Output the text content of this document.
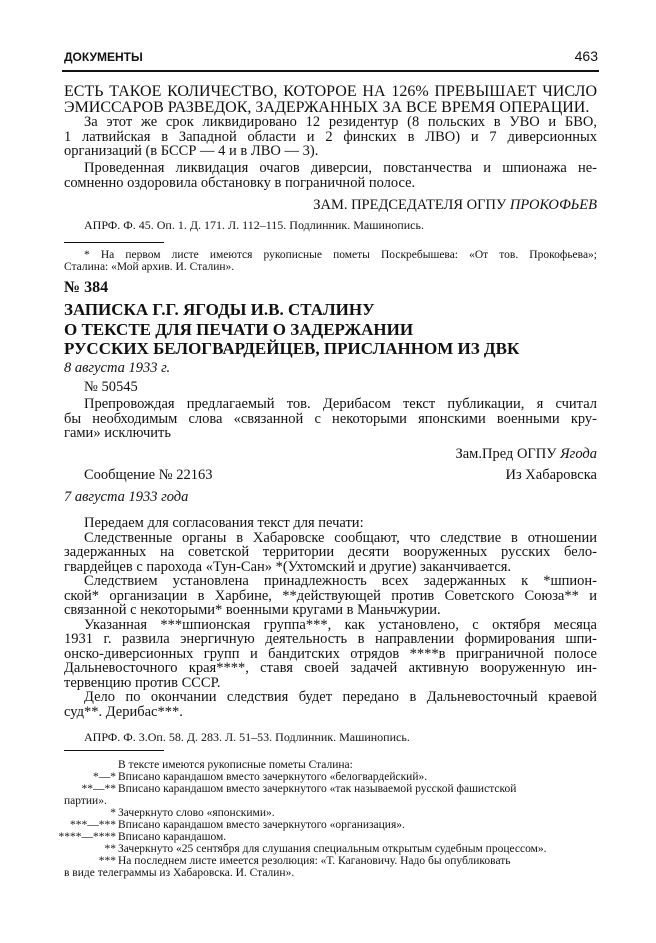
ДОКУМЕНТЫ	463
ЕСТЬ ТАКОЕ КОЛИЧЕСТВО, КОТОРОЕ НА 126% ПРЕВЫШАЕТ ЧИСЛО
ЭМИССАРОВ РАЗВЕДОК, ЗАДЕРЖАННЫХ ЗА ВСЕ ВРЕМЯ ОПЕРАЦИИ.
За этот же срок ликвидировано 12 резидентур (8 польских в УВО и БВО,
1 латвийская в Западной области и 2 финских в ЛВО) и 7 диверсионных
организаций (в БССР — 4 и в ЛВО — 3).
Проведенная ликвидация очагов диверсии, повстанчества и шпионажа не-
сомненно оздоровила обстановку в пограничной полосе.
ЗАМ. ПРЕДСЕДАТЕЛЯ ОГПУ ПРОКОФЬЕВ
АПРФ. Ф. 45. Оп. 1. Д. 171. Л. 112–115. Подлинник. Машинопись.
* На первом листе имеются рукописные пометы Поскребышева: «От тов. Прокофьева»;
Сталина: «Мой архив. И. Сталин».
№ 384
ЗАПИСКА Г.Г. ЯГОДЫ И.В. СТАЛИНУ
О ТЕКСТЕ ДЛЯ ПЕЧАТИ О ЗАДЕРЖАНИИ
РУССКИХ БЕЛОГВАРДЕЙЦЕВ, ПРИСЛАННОМ ИЗ ДВК
8 августа 1933 г.
№ 50545
Препровождая предлагаемый тов. Дерибасом текст публикации, я считал
бы необходимым слова «связанной с некоторыми японскими военными кру-
гами» исключить
Зам.Пред ОГПУ Ягода
Сообщение № 22163	Из Хабаровска
7 августа 1933 года
Передаем для согласования текст для печати:
Следственные органы в Хабаровске сообщают, что следствие в отношении
задержанных на советской территории десяти вооруженных русских бело-
гвардейцев с парохода «Тун-Сан» *(Ухтомский и другие) заканчивается.
Следствием установлена принадлежность всех задержанных к *шпион-
ской* организации в Харбине, **действующей против Советского Союза** и
связанной с некоторыми* военными кругами в Маньчжурии.
Указанная ***шпионская группа***, как установлено, с октября месяца
1931 г. развила энергичную деятельность в направлении формирования шпи-
онско-диверсионных групп и бандитских отрядов ****в приграничной полосе
Дальневосточного края****, ставя своей задачей активную вооруженную ин-
тервенцию против СССР.
Дело по окончании следствия будет передано в Дальневосточный краевой
суд**. Дерибас***.
АПРФ. Ф. 3.Оп. 58. Д. 283. Л. 51–53. Подлинник. Машинопись.
В тексте имеются рукописные пометы Сталина:
*—* Вписано карандашом вместо зачеркнутого «белогвардейский».
**—** Вписано карандашом вместо зачеркнутого «так называемой русской фашистской
партии».
* Зачеркнуто слово «японскими».
***—*** Вписано карандашом вместо зачеркнутого «организация».
****—**** Вписано карандашом.
** Зачеркнуто «25 сентября для слушания специальным открытым судебным процессом».
*** На последнем листе имеется резолюция: «Т. Кагановичу. Надо бы опубликовать
в виде телеграммы из Хабаровска. И. Сталин».
